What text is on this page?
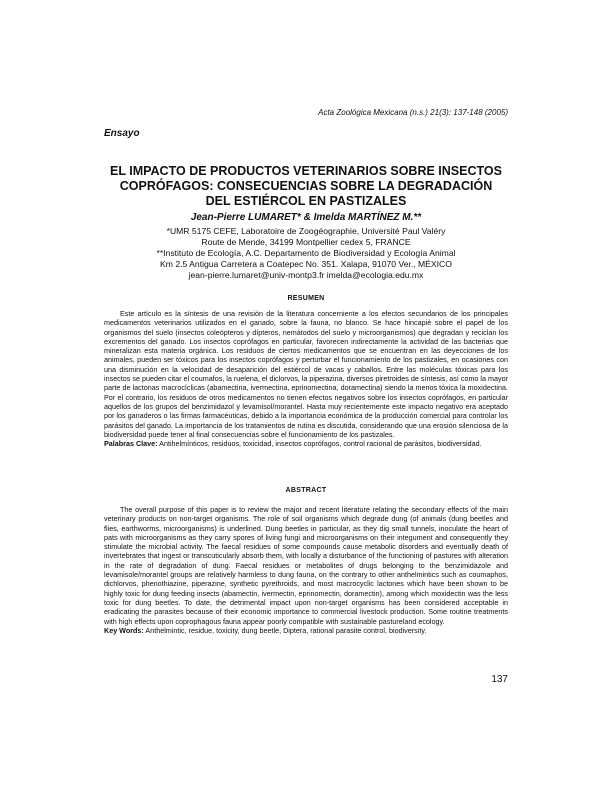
Acta Zoológica Mexicana (n.s.) 21(3): 137-148 (2005)
Ensayo
EL IMPACTO DE PRODUCTOS VETERINARIOS SOBRE INSECTOS
COPRÓFAGOS: CONSECUENCIAS SOBRE LA DEGRADACIÓN
DEL ESTIÉRCOL EN PASTIZALES
Jean-Pierre LUMARET* & Imelda MARTÍNEZ M.**
*UMR 5175 CEFE, Laboratoire de Zoogéographie, Université Paul Valéry
Route de Mende, 34199 Montpellier cedex 5, FRANCE
**Instituto de Ecología, A.C. Departamento de Biodiversidad y Ecología Animal
Km 2.5 Antigua Carretera a Coatepec No. 351. Xalapa, 91070 Ver., MÉXICO
jean-pierre.lumaret@univ-montp3.fr imelda@ecologia.edu.mx
RESUMEN
Este artículo es la síntesis de una revisión de la literatura concerniente a los efectos secundarios de los principales medicamentos veterinarios utilizados en el ganado, sobre la fauna, no blanco. Se hace hincapié sobre el papel de los organismos del suelo (insectos coleópteros y dípteros, nemátodos del suelo y microorganismos) que degradan y reciclan los excrementos del ganado. Los insectos coprófagos en particular, favorecen indirectamente la actividad de las bacterias que mineralizan esta materia orgánica. Los residuos de ciertos medicamentos que se encuentran en las deyecciones de los animales, pueden ser tóxicos para los insectos coprófagos y perturbar el funcionamiento de los pastizales, en ocasiones con una disminución en la velocidad de desaparición del estiércol de vacas y caballos. Entre las moléculas tóxicas para los insectos se pueden citar el coumafos, la ruelena, el diclorvos, la piperazina, diversos piretroides de síntesis, así como la mayor parte de lactonas macrocíclicas (abamectina, ivermectina, eprinomectina, doramectina) siendo la menos tóxica la moxidectina. Por el contrario, los residuos de otros medicamentos no tienen efectos negativos sobre los insectos coprófagos, en particular aquellos de los grupos del benzimidazol y levamisol/morantel. Hasta muy recientemente este impacto negativo era aceptado por los ganaderos o las firmas farmacéuticas, debido a la importancia económica de la producción comercial para controlar los parásitos del ganado. La importancia de los tratamientos de rutina es discutida, considerando que una erosión silenciosa de la biodiversidad puede tener al final consecuencias sobre el funcionamiento de los pastizales.
Palabras Clave: Antihelmínticos, residuos, toxicidad, insectos coprófagos, control racional de parásitos, biodiversidad.
ABSTRACT
The overall purpose of this paper is to review the major and recent literature relating the secondary effects of the main veterinary products on non-target organisms. The role of soil organisms which degrade dung (of animals (dung beetles and flies, earthworms, microorganisms) is underlined. Dung beetles in particular, as they dig small tunnels, inoculate the heart of pats with microorganisms as they carry spores of living fungi and microorganisms on their integument and consequently they stimulate the microbial activity. The faecal residues of some compounds cause metabolic disorders and eventually death of invertebrates that ingest or transcuticularly absorb them, with locally a disturbance of the functioning of pastures with alteration in the rate of degradation of dung. Faecal residues or metabolites of drugs belonging to the benzimidazole and levamisole/morantel groups are relatively harmless to dung fauna, on the contrary to other anthelmintics such as coumaphos, dichlorvos, phenothiazine, piperazine, synthetic pyrethroids, and most macrocyclic lactones which have been shown to be highly toxic for dung feeding insects (abamectin, ivermectin, eprinomectin, doramectin), among which moxidectin was the less toxic for dung beetles. To date, the detrimental impact upon non-target organisms has been considered acceptable in eradicating the parasites because of their economic importance to commercial livestock production. Some routine treatments with high effects upon coprophagous fauna appear poorly compatible with sustainable pastureland ecology.
Key Words: Anthelmintic, residue, toxicity, dung beetle, Diptera, rational parasite control, biodiversity.
137
